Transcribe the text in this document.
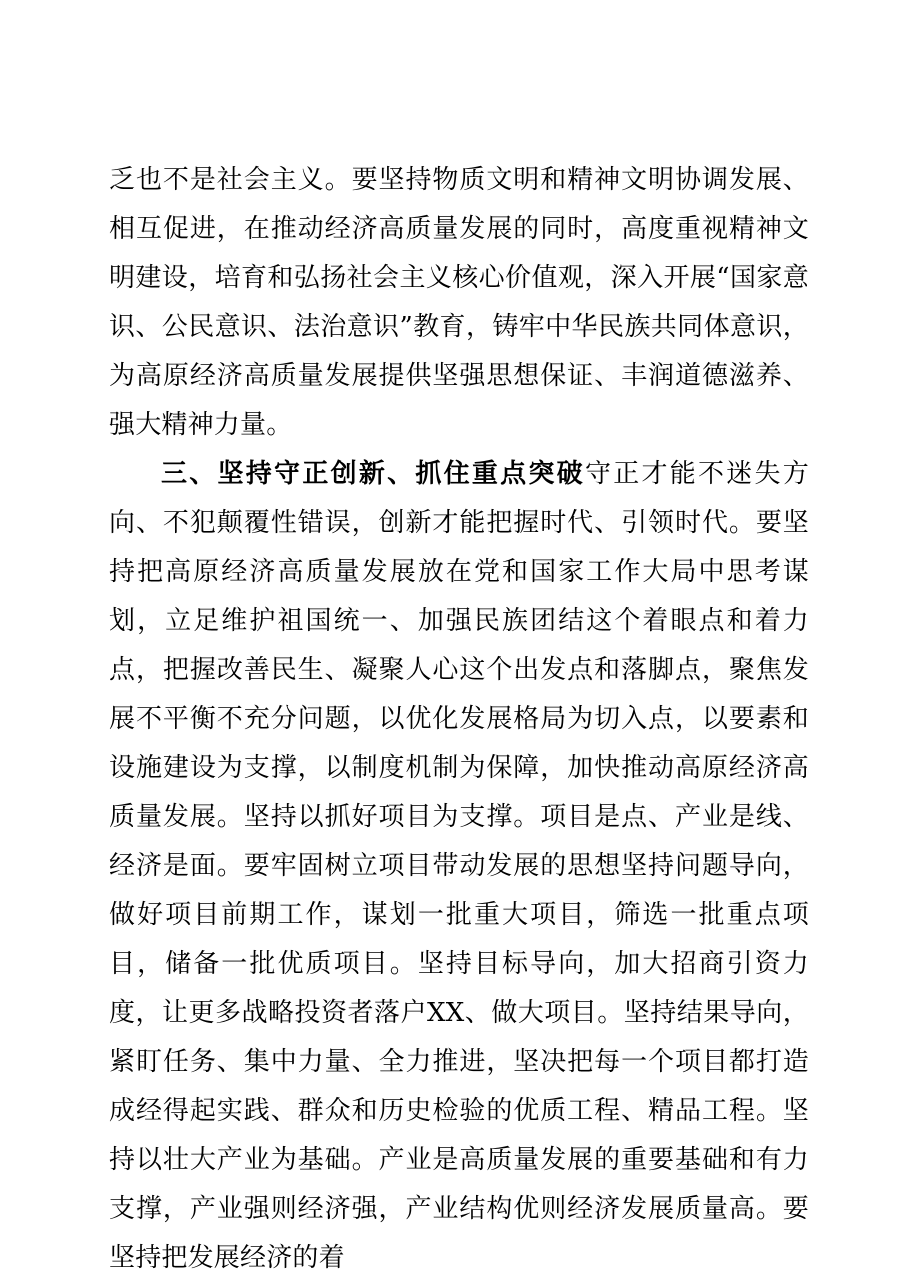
乏也不是社会主义。要坚持物质文明和精神文明协调发展、相互促进，在推动经济高质量发展的同时，高度重视精神文明建设，培育和弘扬社会主义核心价值观，深入开展“国家意识、公民意识、法治意识”教育，铸牢中华民族共同体意识，为高原经济高质量发展提供坚强思想保证、丰润道德滋养、强大精神力量。

三、坚持守正创新、抓住重点突破守正才能不迷失方向、不犯颠覆性错误，创新才能把握时代、引领时代。要坚持把高原经济高质量发展放在党和国家工作大局中思考谋划，立足维护祖国统一、加强民族团结这个着眼点和着力点，把握改善民生、凝聚人心这个出发点和落脚点，聚焦发展不平衡不充分问题，以优化发展格局为切入点，以要素和设施建设为支撑，以制度机制为保障，加快推动高原经济高质量发展。坚持以抓好项目为支撑。项目是点、产业是线、经济是面。要牢固树立项目带动发展的思想坚持问题导向，做好项目前期工作，谋划一批重大项目，筛选一批重点项目，储备一批优质项目。坚持目标导向，加大招商引资力度，让更多战略投资者落户XX、做大项目。坚持结果导向，紧盯任务、集中力量、全力推进，坚决把每一个项目都打造成经得起实践、群众和历史检验的优质工程、精品工程。坚持以壮大产业为基础。产业是高质量发展的重要基础和有力支撑，产业强则经济强，产业结构优则经济发展质量高。要坚持把发展经济的着
